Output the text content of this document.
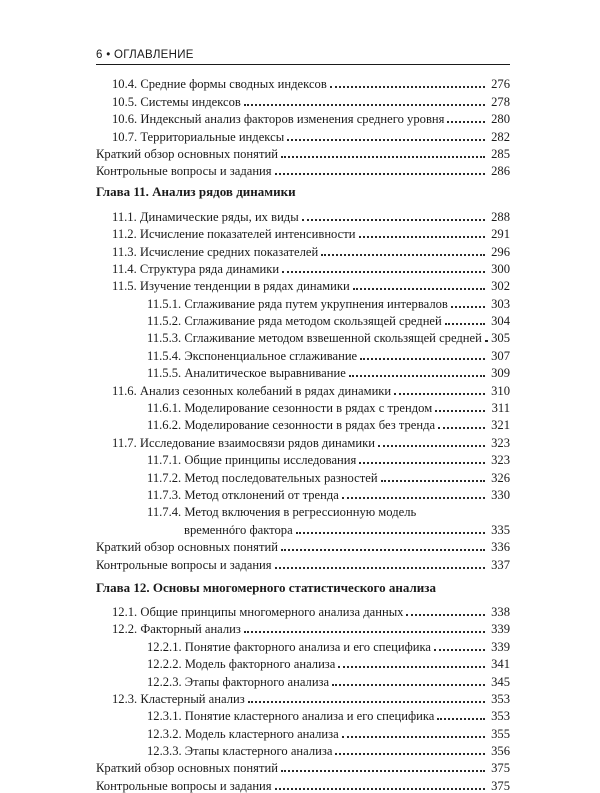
6 • ОГЛАВЛЕНИЕ
10.4. Средние формы сводных индексов	276
10.5. Системы индексов	278
10.6. Индексный анализ факторов изменения среднего уровня	280
10.7. Территориальные индексы	282
Краткий обзор основных понятий	285
Контрольные вопросы и задания	286
Глава 11. Анализ рядов динамики
11.1. Динамические ряды, их виды	288
11.2. Исчисление показателей интенсивности	291
11.3. Исчисление средних показателей	296
11.4. Структура ряда динамики	300
11.5. Изучение тенденции в рядах динамики	302
11.5.1. Сглаживание ряда путем укрупнения интервалов	303
11.5.2. Сглаживание ряда методом скользящей средней	304
11.5.3. Сглаживание методом взвешенной скользящей средней 305
11.5.4. Экспоненциальное сглаживание	307
11.5.5. Аналитическое выравнивание	309
11.6. Анализ сезонных колебаний в рядах динамики	310
11.6.1. Моделирование сезонности в рядах с трендом	311
11.6.2. Моделирование сезонности в рядах без тренда	321
11.7. Исследование взаимосвязи рядов динамики	323
11.7.1. Общие принципы исследования	323
11.7.2. Метод последовательных разностей	326
11.7.3. Метод отклонений от тренда	330
11.7.4. Метод включения в регрессионную модель
временнóго фактора	335
Краткий обзор основных понятий	336
Контрольные вопросы и задания	337
Глава 12. Основы многомерного статистического анализа
12.1. Общие принципы многомерного анализа данных	338
12.2. Факторный анализ	339
12.2.1. Понятие факторного анализа и его специфика	339
12.2.2. Модель факторного анализа	341
12.2.3. Этапы факторного анализа	345
12.3. Кластерный анализ	353
12.3.1. Понятие кластерного анализа и его специфика	353
12.3.2. Модель кластерного анализа	355
12.3.3. Этапы кластерного анализа	356
Краткий обзор основных понятий	375
Контрольные вопросы и задания	375
